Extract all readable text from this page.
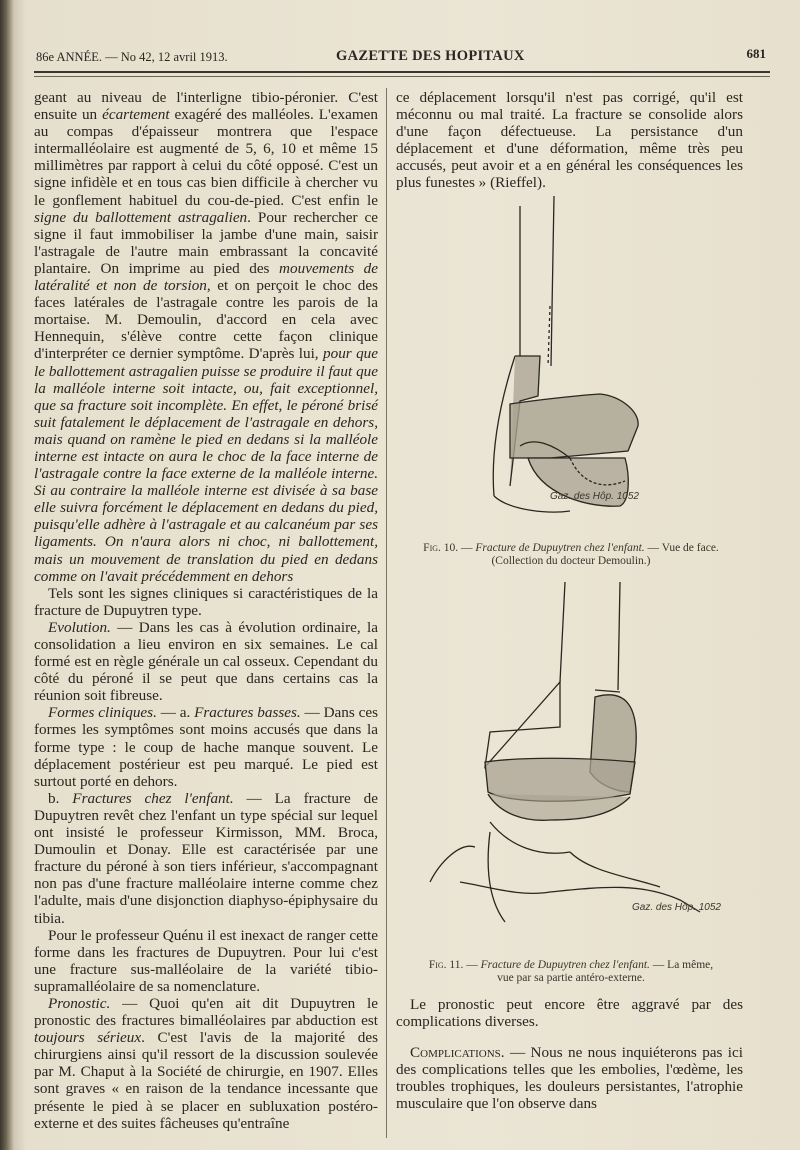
86e ANNÉE. — No 42, 12 avril 1913.	GAZETTE DES HOPITAUX	681

geant au niveau de l'interligne tibio-péronier. C'est ensuite un écartement exagéré des malléoles. L'examen au compas d'épaisseur montrera que l'espace intermalléolaire est augmenté de 5, 6, 10 et même 15 millimètres par rapport à celui du côté opposé. C'est un signe infidèle et en tous cas bien difficile à chercher vu le gonflement habituel du cou-de-pied. C'est enfin le signe du ballottement astragalien. Pour rechercher ce signe il faut immobiliser la jambe d'une main, saisir l'astragale de l'autre main embrassant la concavité plantaire. On imprime au pied des mouvements de latéralité et non de torsion, et on perçoit le choc des faces latérales de l'astragale contre les parois de la mortaise. M. Demoulin, d'accord en cela avec Hennequin, s'élève contre cette façon clinique d'interpréter ce dernier symptôme. D'après lui, pour que le ballottement astragalien puisse se produire il faut que la malléole interne soit intacte, ou, fait exceptionnel, que sa fracture soit incomplète. En effet, le péroné brisé suit fatalement le déplacement de l'astragale en dehors, mais quand on ramène le pied en dedans si la malléole interne est intacte on aura le choc de la face interne de l'astragale contre la face externe de la malléole interne. Si au contraire la malléole interne est divisée à sa base elle suivra forcément le déplacement en dedans du pied, puisqu'elle adhère à l'astragale et au calcanéum par ses ligaments. On n'aura alors ni choc, ni ballottement, mais un mouvement de translation du pied en dedans comme on l'avait précédemment en dehors

Tels sont les signes cliniques si caractéristiques de la fracture de Dupuytren type.

Evolution. — Dans les cas à évolution ordinaire, la consolidation a lieu environ en six semaines. Le cal formé est en règle générale un cal osseux. Cependant du côté du péroné il se peut que dans certains cas la réunion soit fibreuse.

Formes cliniques. — a. Fractures basses. — Dans ces formes les symptômes sont moins accusés que dans la forme type : le coup de hache manque souvent. Le déplacement postérieur est peu marqué. Le pied est surtout porté en dehors.

b. Fractures chez l'enfant. — La fracture de Dupuytren revêt chez l'enfant un type spécial sur lequel ont insisté le professeur Kirmisson, MM. Broca, Dumoulin et Donay. Elle est caractérisée par une fracture du péroné à son tiers inférieur, s'accompagnant non pas d'une fracture malléolaire interne comme chez l'adulte, mais d'une disjonction diaphyso-épiphysaire du tibia.

Pour le professeur Quénu il est inexact de ranger cette forme dans les fractures de Dupuytren. Pour lui c'est une fracture sus-malléolaire de la variété tibio-supramalléolaire de sa nomenclature.

Pronostic. — Quoi qu'en ait dit Dupuytren le pronostic des fractures bimalléolaires par abduction est toujours sérieux. C'est l'avis de la majorité des chirurgiens ainsi qu'il ressort de la discussion soulevée par M. Chaput à la Société de chirurgie, en 1907. Elles sont graves « en raison de la tendance incessante que présente le pied à se placer en subluxation postéro-externe et des suites fâcheuses qu'entraîne

ce déplacement lorsqu'il n'est pas corrigé, qu'il est méconnu ou mal traité. La fracture se consolide alors d'une façon défectueuse. La persistance d'un déplacement et d'une déformation, même très peu accusés, peut avoir et a en général les conséquences les plus funestes » (Rieffel).

Gaz. des Hôp. 1052
Fig. 10. — Fracture de Dupuytren chez l'enfant. — Vue de face.
(Collection du docteur Demoulin.)
Gaz. des Hôp. 1052
Fig. 11. — Fracture de Dupuytren chez l'enfant. — La même,
vue par sa partie antéro-externe.

Le pronostic peut encore être aggravé par des complications diverses.

Complications. — Nous ne nous inquiéterons pas ici des complications telles que les embolies, l'œdème, les troubles trophiques, les douleurs persistantes, l'atrophie musculaire que l'on observe dans
